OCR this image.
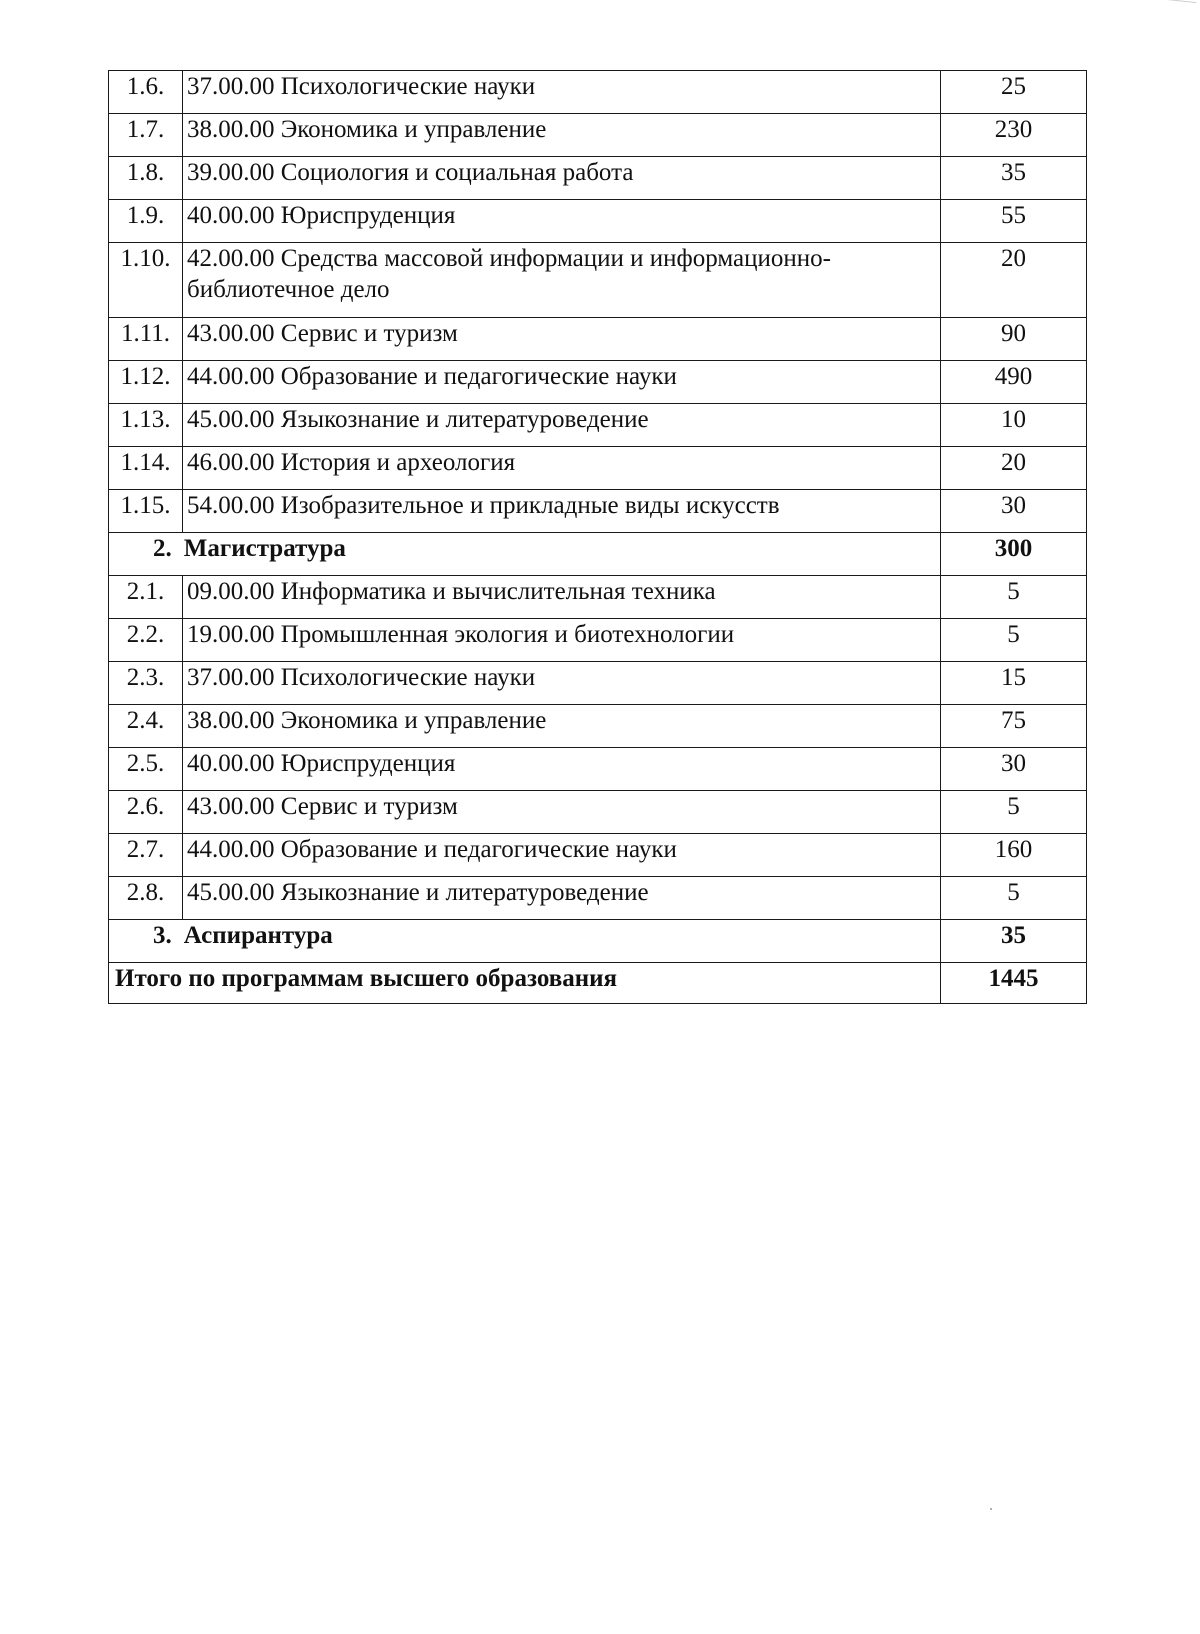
1.6.	37.00.00 Психологические науки	25
1.7.	38.00.00 Экономика и управление	230
1.8.	39.00.00 Социология и социальная работа	35
1.9.	40.00.00 Юриспруденция	55
1.10.	42.00.00 Средства массовой информации и информационно-библиотечное дело	20
1.11.	43.00.00 Сервис и туризм	90
1.12.	44.00.00 Образование и педагогические науки	490
1.13.	45.00.00 Языкознание и литературоведение	10
1.14.	46.00.00 История и археология	20
1.15.	54.00.00 Изобразительное и прикладные виды искусств	30
2. Магистратура		300
2.1.	09.00.00 Информатика и вычислительная техника	5
2.2.	19.00.00 Промышленная экология и биотехнологии	5
2.3.	37.00.00 Психологические науки	15
2.4.	38.00.00 Экономика и управление	75
2.5.	40.00.00 Юриспруденция	30
2.6.	43.00.00 Сервис и туризм	5
2.7.	44.00.00 Образование и педагогические науки	160
2.8.	45.00.00 Языкознание и литературоведение	5
3. Аспирантура		35
Итого по программам высшего образования		1445
